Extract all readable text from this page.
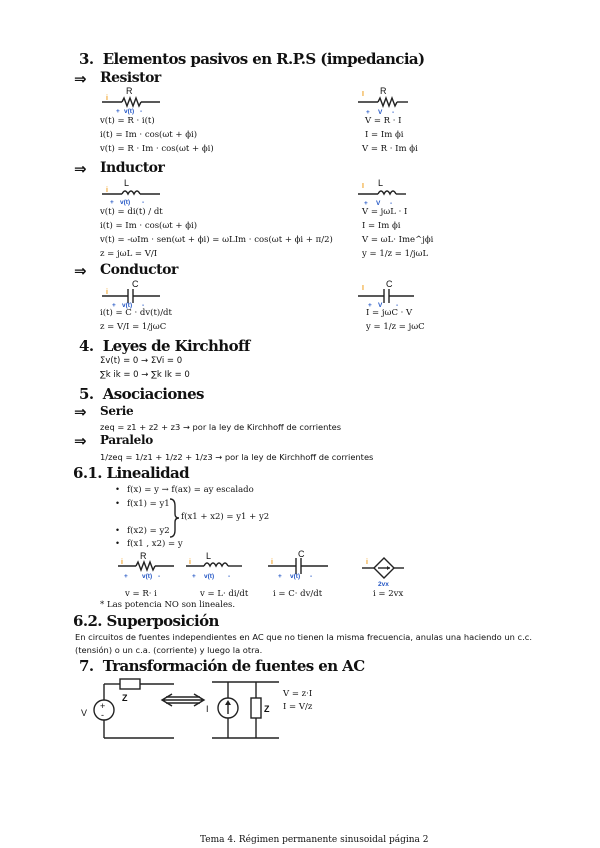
3. Elementos pasivos en R.P.S (impedancia)
⇒ Resistor
R
i
+ v(t) -
R
I
+ V -
v(t) = R · i(t)
i(t) = Im · cos(ωt + ϕi)
v(t) = R · Im · cos(ωt + ϕi)
V = R · I
I = Im ϕi
V = R · Im ϕi
⇒ Inductor
L
i
+ v(t) -
L
I
+ V -
v(t) = di(t) / dt
i(t) = Im · cos(ωt + ϕi)
v(t) = -ωIm · sen(ωt + ϕi) = ωLIm · cos(ωt + ϕi + π/2)
z = jωL = V/I
V = jωL · I
I = Im ϕi
V = ωL· Ime^jϕi
y = 1/z = 1/jωL
⇒ Conductor
C
i
+ v(t) -
C
I
+ V -
i(t) = C · dv(t)/dt
z = V/I = 1/jωC
I = jωC · V
y = 1/z = jωC
4. Leyes de Kirchhoff
Σv(t) = 0 → ΣVi = 0
∑k ik = 0 → ∑k Ik = 0
5. Asociaciones
⇒ Serie
zeq = z1 + z2 + z3 → por la ley de Kirchhoff de corrientes
⇒ Paralelo
1/zeq = 1/z1 + 1/z2 + 1/z3 → por la ley de Kirchhoff de corrientes
6.1. Linealidad
• f(x) = y → f(ax) = ay escalado
• f(x1) = y1
• f(x2) = y2
• f(x1 , x2) = y
f(x1 + x2) = y1 + y2
R
i
+ v(t) -
L
i
+ v(t) -
C
i
+ v(t) -
i
2vx
v = R· i	v = L· di/dt	i = C· dv/dt	i = 2vx
* Las potencia NO son lineales.
6.2. Superposición
En circuitos de fuentes independientes en AC que no tienen la misma frecuencia, anulas una haciendo un c.c.
(tensión) o un c.a. (corriente) y luego la otra.
7. Transformación de fuentes en AC
+
-
Z
V	I	Z
V = z·I
I = V/z
Tema 4. Régimen permanente sinusoidal página 2
